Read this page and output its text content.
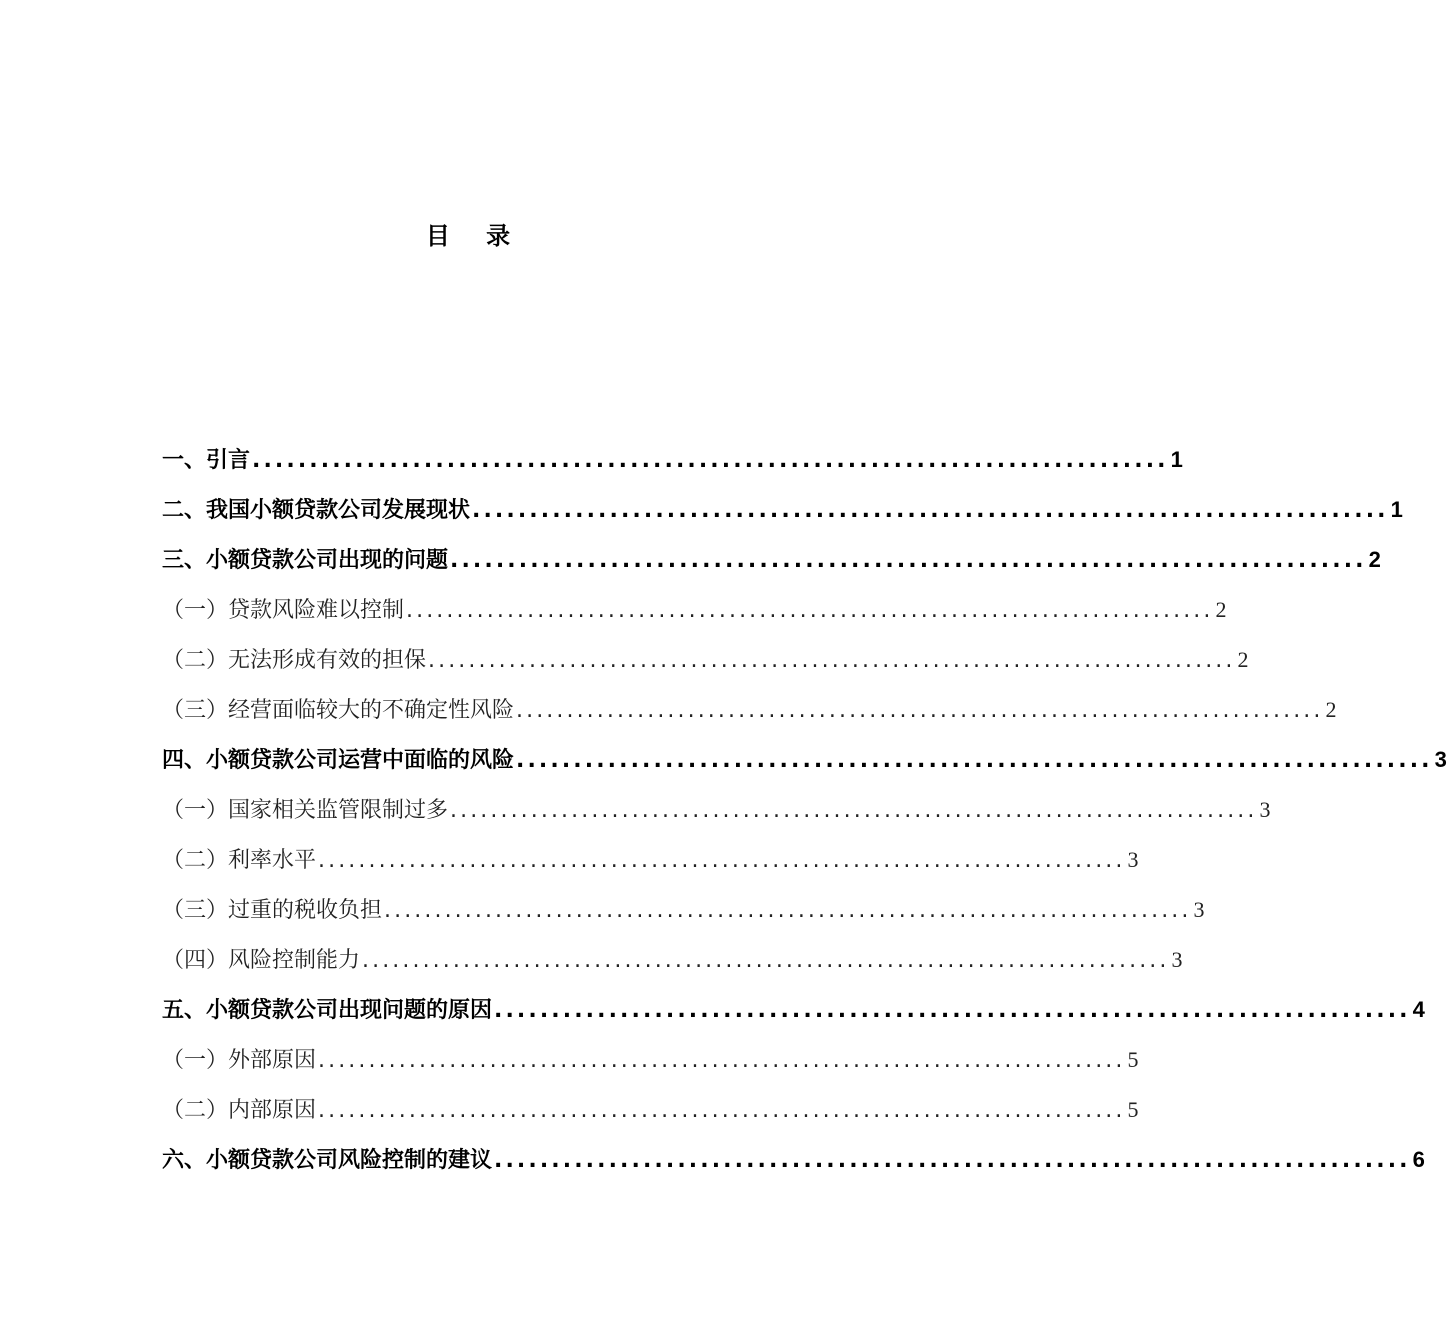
目 录
一、引言 ................................................................................ 1
二、我国小额贷款公司发展现状 ................................................................................ 1
三、小额贷款公司出现的问题 ................................................................................ 2
（一）贷款风险难以控制 ................................................................................ 2
（二）无法形成有效的担保 ................................................................................ 2
（三）经营面临较大的不确定性风险 ................................................................................ 2
四、小额贷款公司运营中面临的风险 ................................................................................ 3
（一）国家相关监管限制过多 ................................................................................ 3
（二）利率水平 ................................................................................ 3
（三）过重的税收负担 ................................................................................ 3
（四）风险控制能力 ................................................................................ 3
五、小额贷款公司出现问题的原因 ................................................................................ 4
（一）外部原因 ................................................................................ 5
（二）内部原因 ................................................................................ 5
六、小额贷款公司风险控制的建议 ................................................................................ 6
